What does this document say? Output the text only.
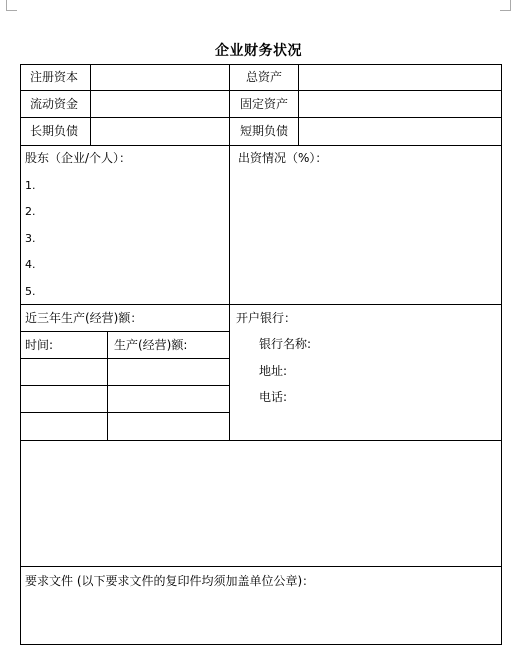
企业财务状况
注册资本	总资产
流动资金	固定资产
长期负债	短期负债
股东（企业/个人）：
1.
2.
3.
4.
5.
出资情况（%）：
近三年生产(经营)额：
时间:	生产(经营)额:
开户银行：
银行名称:
地址:
电话:
要求文件 (以下要求文件的复印件均须加盖单位公章)：
